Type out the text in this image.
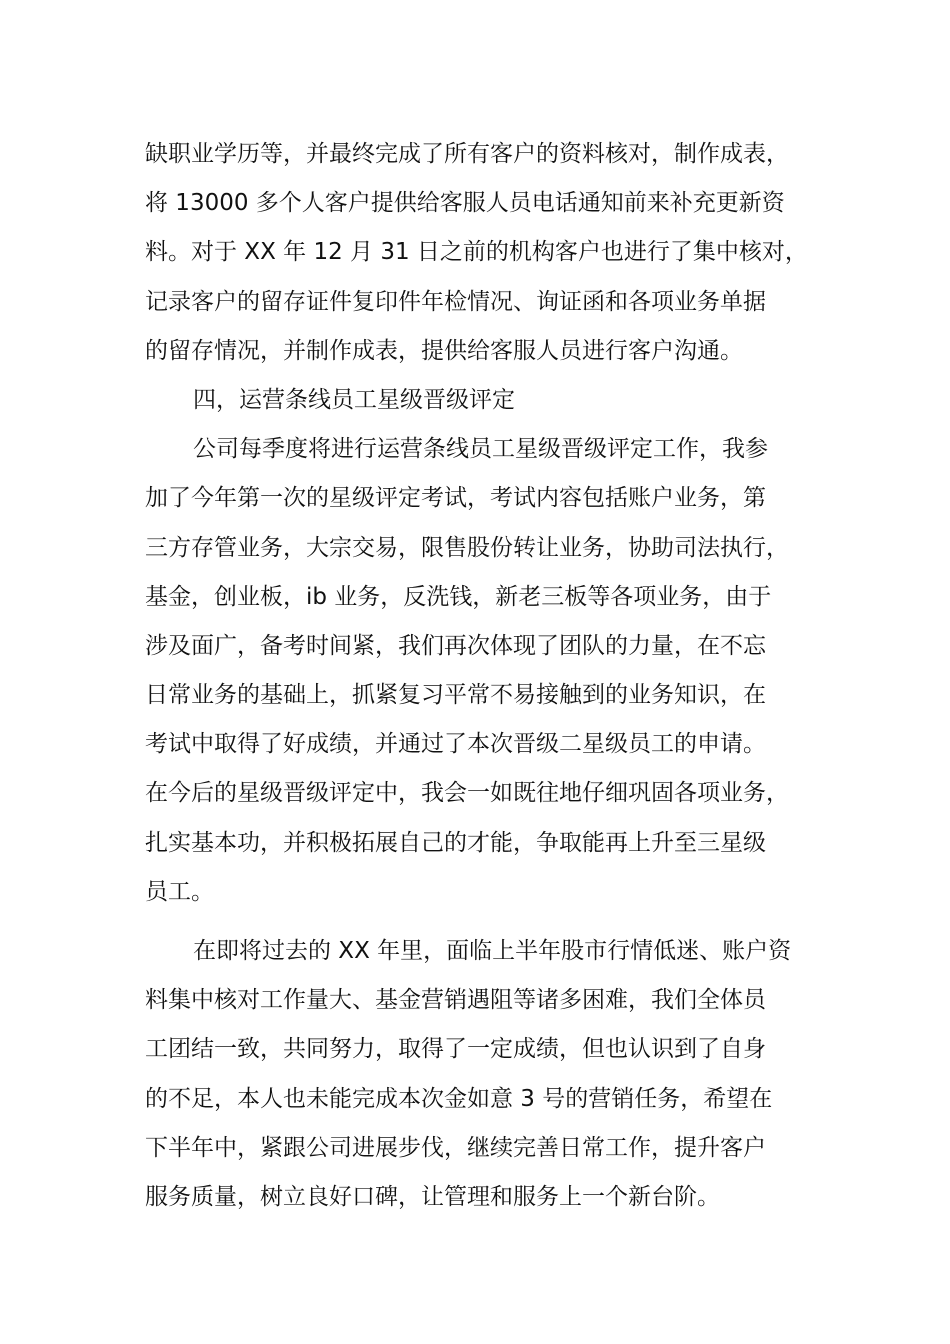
缺职业学历等，并最终完成了所有客户的资料核对，制作成表，
将 13000 多个人客户提供给客服人员电话通知前来补充更新资
料。对于 XX 年 12 月 31 日之前的机构客户也进行了集中核对，
记录客户的留存证件复印件年检情况、询证函和各项业务单据
的留存情况，并制作成表，提供给客服人员进行客户沟通。
四，运营条线员工星级晋级评定
公司每季度将进行运营条线员工星级晋级评定工作，我参
加了今年第一次的星级评定考试，考试内容包括账户业务，第
三方存管业务，大宗交易，限售股份转让业务，协助司法执行，
基金，创业板，ib 业务，反洗钱，新老三板等各项业务，由于
涉及面广，备考时间紧，我们再次体现了团队的力量，在不忘
日常业务的基础上，抓紧复习平常不易接触到的业务知识，在
考试中取得了好成绩，并通过了本次晋级二星级员工的申请。
在今后的星级晋级评定中，我会一如既往地仔细巩固各项业务，
扎实基本功，并积极拓展自己的才能，争取能再上升至三星级
员工。
在即将过去的 XX 年里，面临上半年股市行情低迷、账户资
料集中核对工作量大、基金营销遇阻等诸多困难，我们全体员
工团结一致，共同努力，取得了一定成绩，但也认识到了自身
的不足，本人也未能完成本次金如意 3 号的营销任务，希望在
下半年中，紧跟公司进展步伐，继续完善日常工作，提升客户
服务质量，树立良好口碑，让管理和服务上一个新台阶。
